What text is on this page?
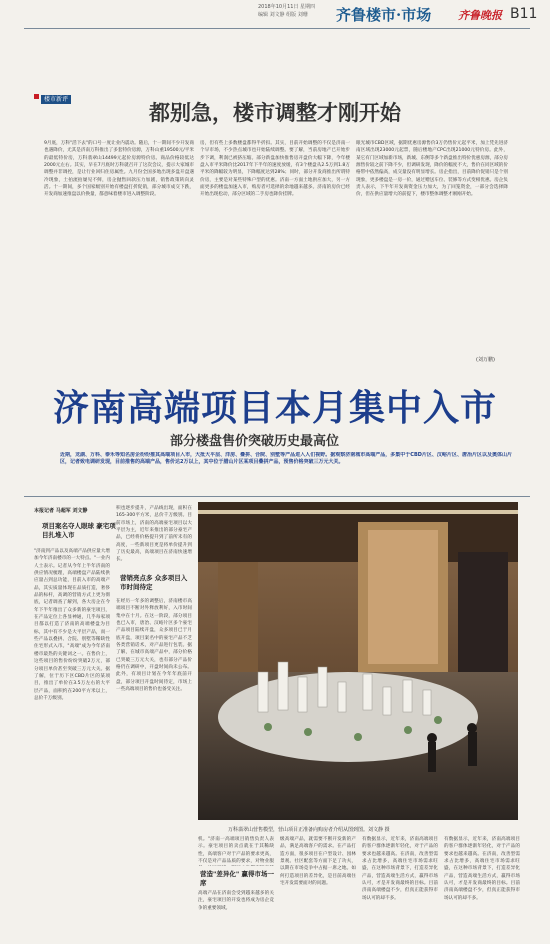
2018年10月11日 星期四
编辑 刘文静 组版 刘珊 齐鲁楼市·市场 齐鲁晚报 B11
楼市新评
都别急，楼市调整才刚开始
9月底，万科"活下去"的口号一度让业内震动。随后，十一期间不少开发商也遇降价，尤其是济南万科推出了多套特价房源，万科山重19500元/平米的最低特价房，万科翡翠山14499元起价房源特价房。商品价格较低达2000元左右。其实，早在7月底时万科就召开了这次会议，提示大家城市调整并非调控，是让行业回归住房属性。九月份全国多地出现多盘开盘遇冷现象，土拍流拍屡见不鲜，房企抛售回款压力加剧，销售政策转向灵活。十一期间，多个国家级别开始有楼盘打折促销，部分城市成交下跌，开发商加速推盘以价换量，都意味着楼市进入调整阶段。
房，但有些上多数楼盘都得半折扣。其实，目前开始调整的不仅是济南一个早市场，不少热点城市也开始陆续调整。要了解，当前房地产已开始步步下调，利润已被挤压缩。部分新盘加快推售房开盘价大幅下降，今年楼盘入市平米降价比2017年下半年的速度放缓，有3个楼盘从2.5万到1.8万平米的降幅较为明显，下降幅度达到28%；同时，部分开发商推出所谓特价房，主要是对某些特殊户型的优惠。济南一方面土地供应加大，另一方面更多的楼盘加速入市，购房者可选择的余地越来越多。济南的房价已经开始出现松动，部分区域的二手房也降价挂牌。
眼光城市CBD区域，据期优惠房源售价3万仍售价元起平米，加上凭先进济南区域出现23000元起票，随后楼地产CPC出现21000元特价房。此外，某它有门区域加新市场，新城、东侧等多个新盘推出特价优惠房源，部分房源售价较之前下降不少，但调研发现，降价的幅度不大，售价在同区域的价格带中依然偏高，成交量没有明显增长。房企指出，目前降价促销只是个别现象，更多楼盘是一房一价，通过赠送车位、装修等方式变相优惠。房企负责人表示，下半年开发商资金压力加大，为了回笼资金，一部分会选择降价，但在供应量增大的前提下，楼市整体调整才刚刚开始。
(刘万鹏)
济南高端项目本月集中入市
部分楼盘售价突破历史最高位
近期，龙湖、万科、泰禾等知名房企纷纷推其高端项目入市，大批大平层、洋房、叠拼、合院、别墅等产品进入人们视野。据观察济南城市高端产品，多集中于CBD片区、汉峪片区、唐冶片区以及奥体山片区，记者致电调研发现，目前推售的高端产品，售价达2万以上，其中位于腊山片区某项目叠拼产品，预售价格突破三万元大关。
本报记者 马超军 刘文静
项目案名夺人眼球 豪宅项目扎堆入市
"济南到产品以及高端产品供应量大增加今年济南楼市的一大特点。"一业内人士表示。记者从今年上半年济南的供应情况梳理，高端楼盘产品陆续供应量占到总功能，目前入市的高端产品，其实质量体现在品质打造，奢侈品的标杆，高调的营销方式上更为彻底，记者调查了解到，各大房企在今年下半年推出了众多新的豪宅项目，在产品定位上各显神通，几乎每家项目都以打造了济南的高端楼盘为目标，其中有不少是大平层产品，而一些产品以叠拼、合院、别墅等稀缺性住宅形式入市。"高端"成为今年济南楼市最热的关键词之一。在售价上，这些项目的售价纷纷突破2万元，部分项目单价甚至突破三万元大关。据了解，位于历下区CBD片区的某项目，推出了单价在3.5万左右的大平层产品，面积约在200平方米以上，总价千万级别。
积也逐步提升，产品线出现，面积在165-300平方米，总价千万级别。目前市场上，济南的高端豪宅项目以大平层为主，近年来推出的部分豪宅产品，已经将价格提升到了前所未有的高度，一些新项目更是将单价提升到了历史最高，高端项目在济南快速增长。
营销亮点多 众多项目入市时间待定
在经历一年多的调整后，济南楼市高端项目不断对外释放利好，入市时间集中在十月。在这一阶段，部分项目也已入市，唐冶、汉峪片区多个豪宅产品项目陆续开盘，众多项目已于月底开盘，项目案名中的豪宅产品不乏各类营销话术，对产品进行包装。据了解，在城市高端产品中，部分价格已突破三万元大关，也有部分产品价格仍在调研中，开盘时间尚未公布。此外，有项目计划在今年年底前开盘，部分项目开盘时间待定，市场上一些高端项目的售价也备受关注。
万科翡翠山营售模型，营山项目正准备向购房者介绍从图到图。刘文静 摄
机。"济南一高端项目销售负责人表示。豪宅项目的卖点就在于其稀缺性，高端客户对于产品的要求更高，不仅是对产品品质的要求，对物业服
营造"差异化" 赢得市场一席
高端产品在济南会受到越来越多的关注，豪宅项目的开发也将成为房企竞争的重要领域。
级高端产品，就需要不断开发新的产品，满足高端客户的需求。在产品打造方面，很多项目在户型设计、园林景观、社区配套等方面下足了功夫，以期在市场竞争中占据一席之地。如何打造项目的差异化，是目前高端住宅开发需要面对的问题。
有数据显示，近年来，济南高端项目的客户群体逐渐年轻化，对于产品的要求也越来越高。在济南，改善型需求占比增多，高端住宅市场需求旺盛，在这种市场背景下，打造差异化产品，营造高端生活方式，赢得市场认可，才是开发商最终的目标。目前济南高端楼盘不少，但真正能获得市场认可的却不多。
有数据显示，近年来，济南高端项目的客户群体逐渐年轻化，对于产品的要求也越来越高。在济南，改善型需求占比增多，高端住宅市场需求旺盛，在这种市场背景下，打造差异化产品，营造高端生活方式，赢得市场认可，才是开发商最终的目标。目前济南高端楼盘不少，但真正能获得市场认可的却不多。
